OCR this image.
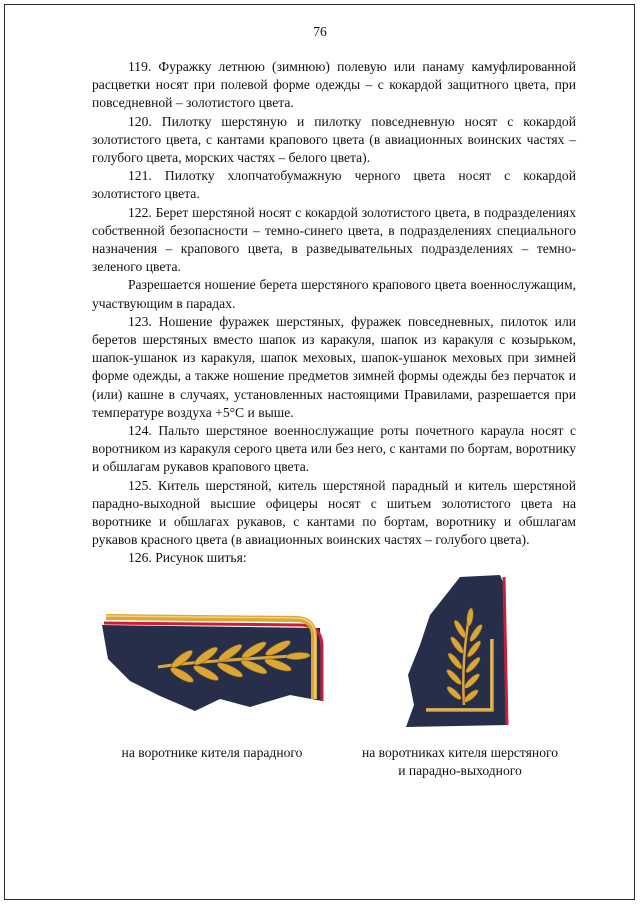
76

119. Фуражку летнюю (зимнюю) полевую или панаму камуфлированной расцветки носят при полевой форме одежды – с кокардой защитного цвета, при повседневной – золотистого цвета.

120. Пилотку шерстяную и пилотку повседневную носят с кокардой золотистого цвета, с кантами крапового цвета (в авиационных воинских частях – голубого цвета, морских частях – белого цвета).

121. Пилотку хлопчатобумажную черного цвета носят с кокардой золотистого цвета.

122. Берет шерстяной носят с кокардой золотистого цвета, в подразделениях собственной безопасности – темно-синего цвета, в подразделениях специального назначения – крапового цвета, в разведывательных подразделениях – темно-зеленого цвета.

Разрешается ношение берета шерстяного крапового цвета военнослужащим, участвующим в парадах.

123. Ношение фуражек шерстяных, фуражек повседневных, пилоток или беретов шерстяных вместо шапок из каракуля, шапок из каракуля с козырьком, шапок-ушанок из каракуля, шапок меховых, шапок-ушанок меховых при зимней форме одежды, а также ношение предметов зимней формы одежды без перчаток и (или) кашне в случаях, установленных настоящими Правилами, разрешается при температуре воздуха +5°С и выше.

124. Пальто шерстяное военнослужащие роты почетного караула носят с воротником из каракуля серого цвета или без него, с кантами по бортам, воротнику и обшлагам рукавов крапового цвета.

125. Китель шерстяной, китель шерстяной парадный и китель шерстяной парадно-выходной высшие офицеры носят с шитьем золотистого цвета на воротнике и обшлагах рукавов, с кантами по бортам, воротнику и обшлагам рукавов красного цвета (в авиационных воинских частях – голубого цвета).

126. Рисунок шитья:

на воротнике кителя парадного	на воротниках кителя шерстяного
и парадно-выходного
